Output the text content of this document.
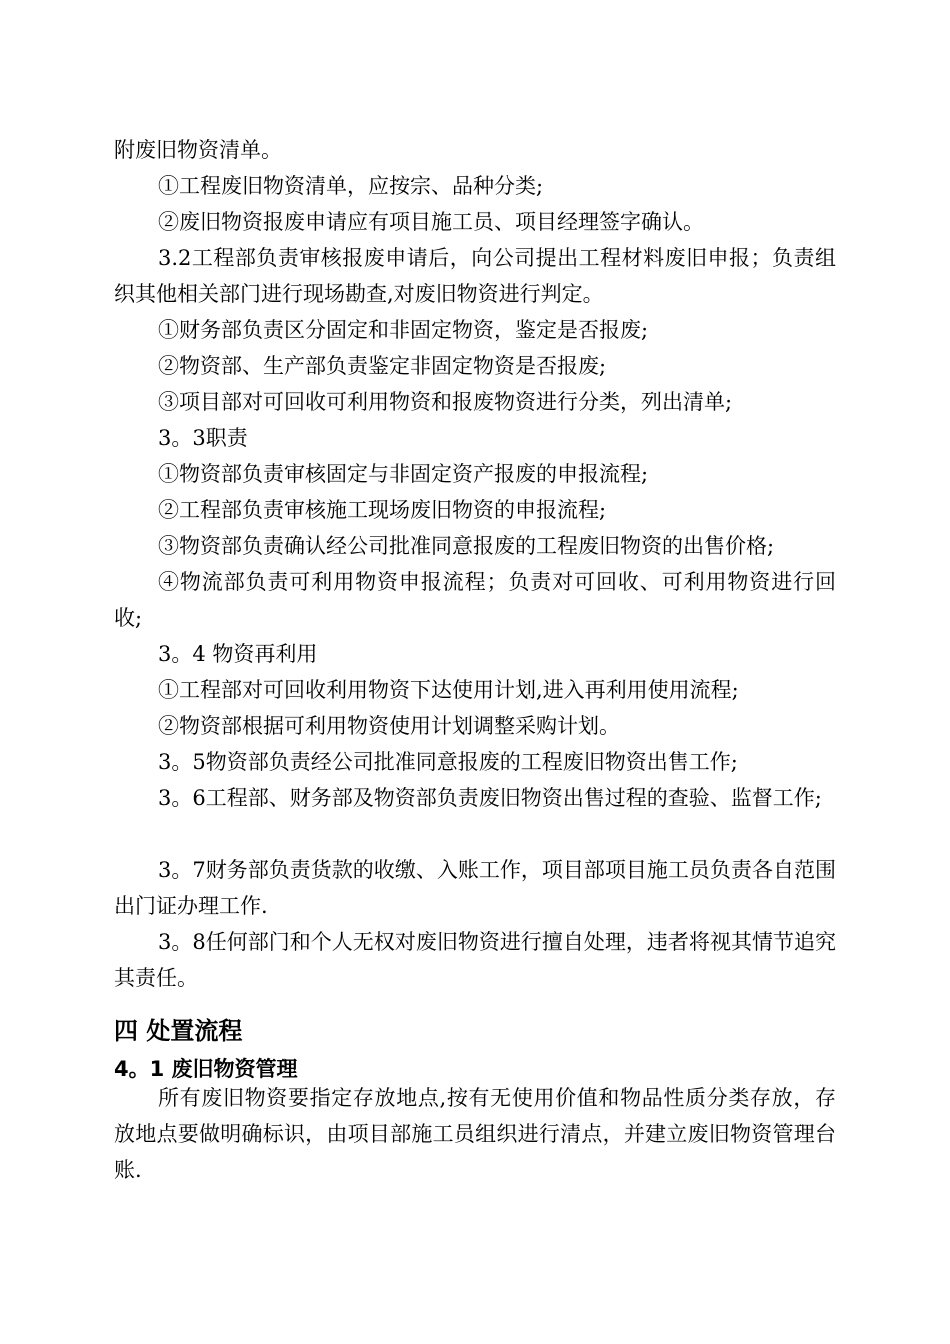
附废旧物资清单。

①工程废旧物资清单，应按宗、品种分类;

②废旧物资报废申请应有项目施工员、项目经理签字确认。

3.2工程部负责审核报废申请后，向公司提出工程材料废旧申报；负责组织其他相关部门进行现场勘查,对废旧物资进行判定。

①财务部负责区分固定和非固定物资，鉴定是否报废;

②物资部、生产部负责鉴定非固定物资是否报废;

③项目部对可回收可利用物资和报废物资进行分类，列出清单;

3。3职责

①物资部负责审核固定与非固定资产报废的申报流程;

②工程部负责审核施工现场废旧物资的申报流程;

③物资部负责确认经公司批准同意报废的工程废旧物资的出售价格;

④物流部负责可利用物资申报流程；负责对可回收、可利用物资进行回收;

3。4 物资再利用

①工程部对可回收利用物资下达使用计划,进入再利用使用流程;

②物资部根据可利用物资使用计划调整采购计划。

3。5物资部负责经公司批准同意报废的工程废旧物资出售工作;

3。6工程部、财务部及物资部负责废旧物资出售过程的查验、监督工作;

3。7财务部负责货款的收缴、入账工作，项目部项目施工员负责各自范围出门证办理工作.

3。8任何部门和个人无权对废旧物资进行擅自处理，违者将视其情节追究其责任。

四 处置流程
4。1 废旧物资管理

所有废旧物资要指定存放地点,按有无使用价值和物品性质分类存放，存放地点要做明确标识，由项目部施工员组织进行清点，并建立废旧物资管理台账.
